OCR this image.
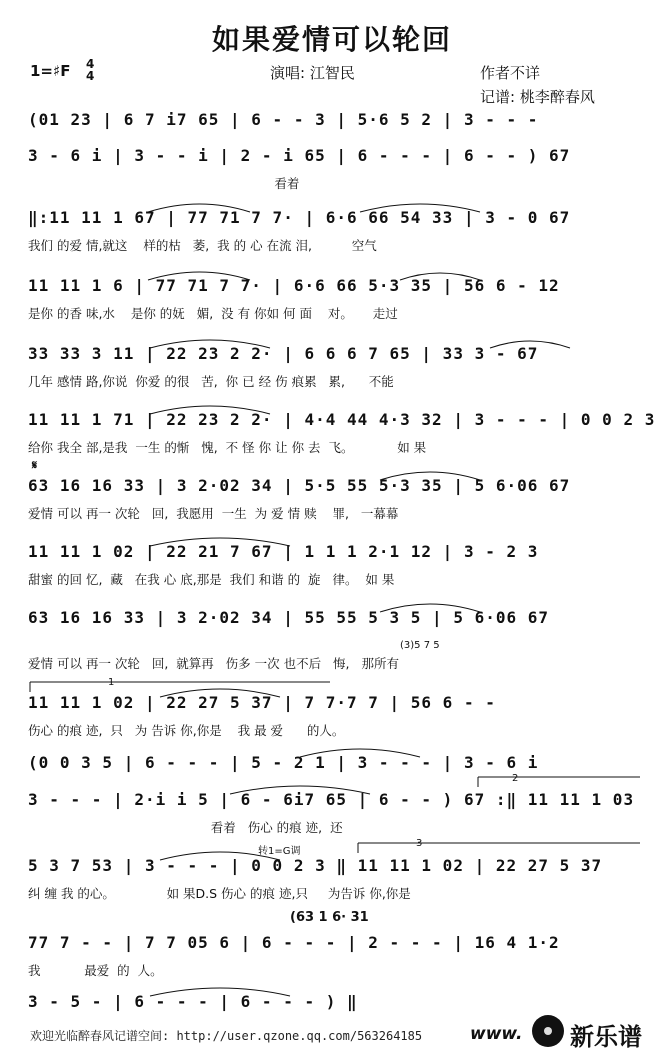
如果爱情可以轮回
1=♯F 4
4	演唱: 江智民	作者不详
记谱: 桃李醉春风
𝄋
(3)5 7 5
转1=G调
1
2
3
(63 1 6· 31
(01 23 | 6 7 i7 65 | 6 - - 3 | 5·6 5 2 | 3 - - -
3 - 6 i | 3 - - i | 2 - i 65 | 6 - - - | 6 - - ) 67
看着
‖:11 11 1 67 | 77 71 7 7· | 6·6 66 54 33 | 3 - 0 67
我们 的爱 情,就这    样的枯   萎,  我 的 心 在流 泪,          空气
11 11 1 6 | 77 71 7 7· | 6·6 66 5·3 35 | 56 6 - 12
是你 的香 味,水    是你 的妩   媚,  没 有 你如 何 面    对。     走过
33 33 3 11 | 22 23 2 2· | 6 6 6 7 65 | 33 3 - 67
几年 感情 路,你说  你爱 的很   苦,  你 已 经 伤 痕累   累,      不能
11 11 1 71 | 22 23 2 2· | 4·4 44 4·3 32 | 3 - - - | 0 0 2 3
给你 我全 部,是我  一生 的惭   愧,  不 怪 你 让 你 去  飞。           如 果
63 16 16 33 | 3 2·02 34 | 5·5 55 5·3 35 | 5 6·06 67
爱情 可以 再一 次轮   回,  我愿用  一生  为 爱 情 赎    罪,   一幕幕
11 11 1 02 | 22 21 7 67 | 1 1 1 2·1 12 | 3 - 2 3
甜蜜 的回 忆,  藏   在我 心 底,那是  我们 和谐 的  旋   律。  如 果
63 16 16 33 | 3 2·02 34 | 55 55 5 3 5 | 5 6·06 67
爱情 可以 再一 次轮   回,  就算再   伤多 一次 也不后   悔,   那所有
11 11 1 02 | 22 27 5 37 | 7 7·7 7 | 56 6 - -
伤心 的痕 迹,  只   为 告诉 你,你是    我 最 爱      的人。
(0 0 3 5 | 6 - - - | 5 - 2 1 | 3 - - - | 3 - 6 i
3 - - - | 2·i i 5 | 6 - 6i7 65 | 6 - - ) 67 :‖ 11 11 1 03
看着   伤心 的痕 迹,  还
5 3 7 53 | 3 - - - | 0 0 2 3 ‖ 11 11 1 02 | 22 27 5 37
纠 缠 我 的心。             如 果D.S 伤心 的痕 迹,只     为告诉 你,你是
77 7 - - | 7 7 05 6 | 6 - - - | 2 - - - | 16 4 1·2
我           最爱  的  人。
3 - 5 - | 6 - - - | 6 - - - ) ‖
欢迎光临醉春风记谱空间: http://user.qzone.qq.com/563264185	www. 新乐谱
